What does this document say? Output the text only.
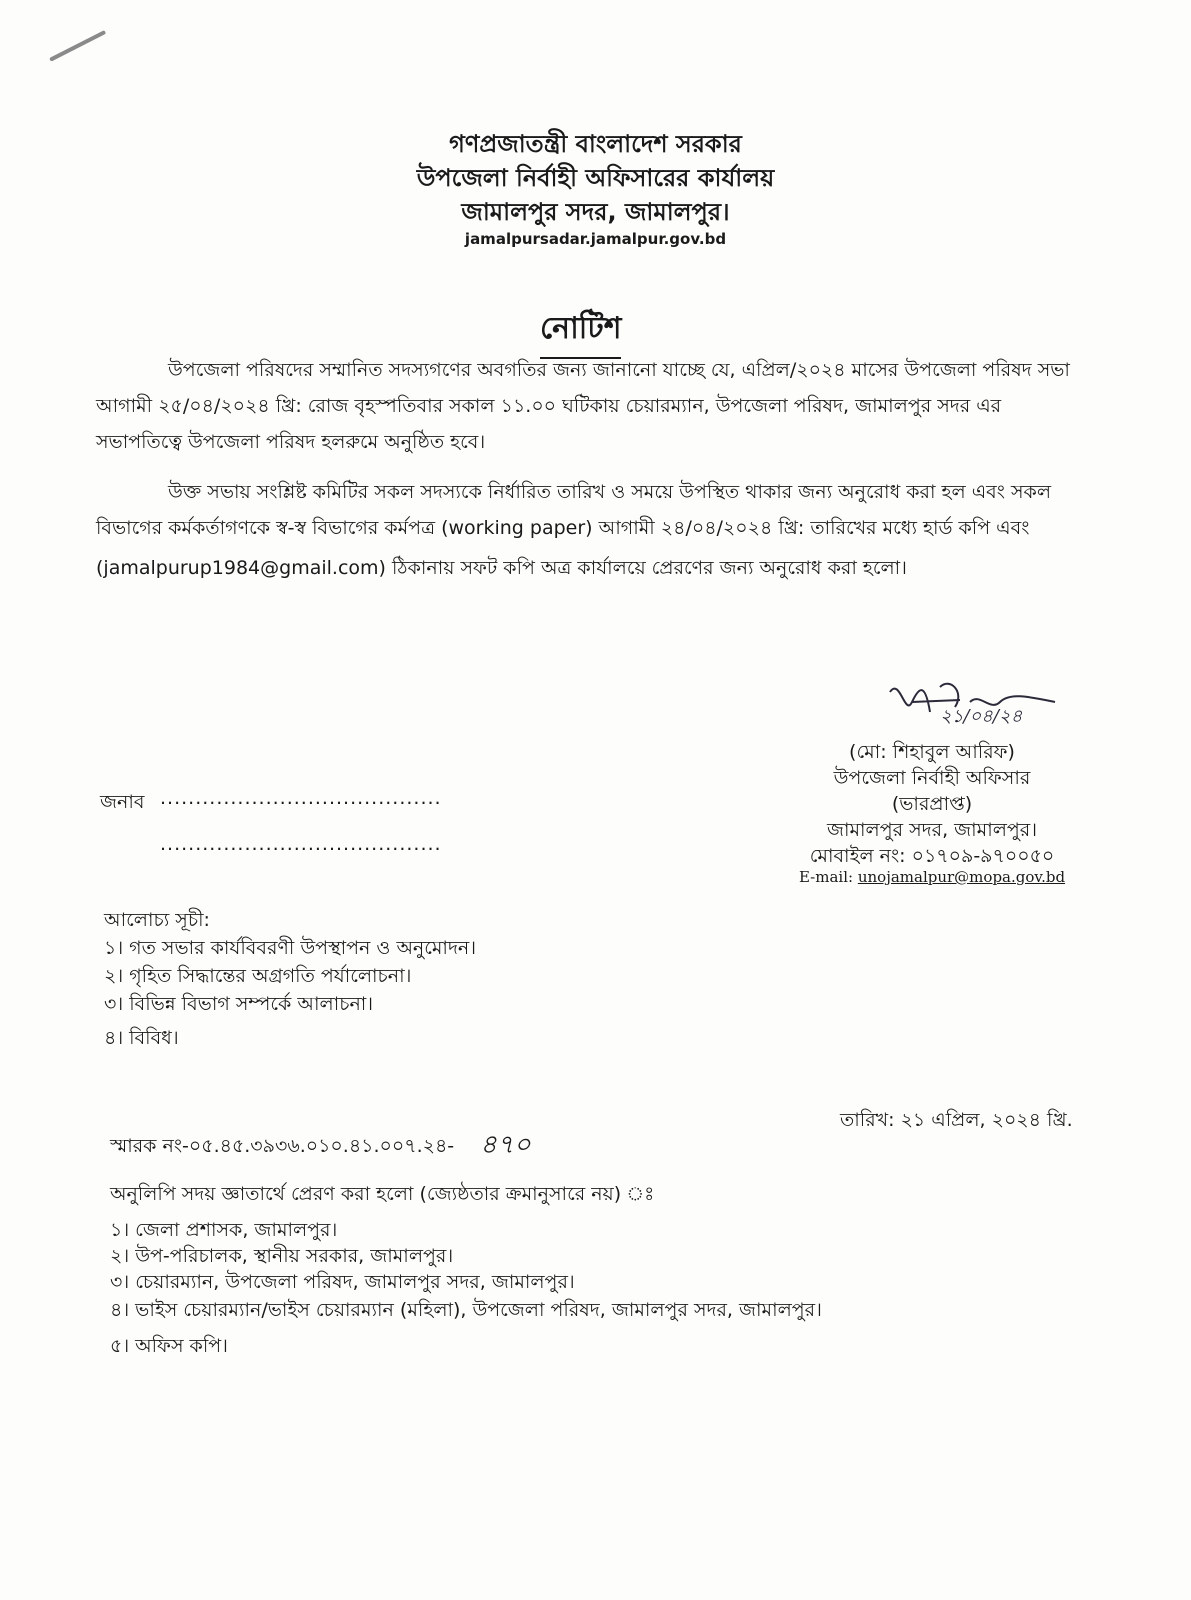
গণপ্রজাতন্ত্রী বাংলাদেশ সরকার
উপজেলা নির্বাহী অফিসারের কার্যালয়
জামালপুর সদর, জামালপুর।
jamalpursadar.jamalpur.gov.bd
নোটিশ
উপজেলা পরিষদের সম্মানিত সদস্যগণের অবগতির জন্য জানানো যাচ্ছে যে, এপ্রিল/২০২৪ মাসের উপজেলা পরিষদ সভা
আগামী ২৫/০৪/২০২৪ খ্রি: রোজ বৃহস্পতিবার সকাল ১১.০০ ঘটিকায় চেয়ারম্যান, উপজেলা পরিষদ, জামালপুর সদর এর
সভাপতিত্বে উপজেলা পরিষদ হলরুমে অনুষ্ঠিত হবে।
উক্ত সভায় সংশ্লিষ্ট কমিটির সকল সদস্যকে নির্ধারিত তারিখ ও সময়ে উপস্থিত থাকার জন্য অনুরোধ করা হল এবং সকল
বিভাগের কর্মকর্তাগণকে স্ব-স্ব বিভাগের কর্মপত্র (working paper) আগামী ২৪/০৪/২০২৪ খ্রি: তারিখের মধ্যে হার্ড কপি এবং
(jamalpurup1984@gmail.com) ঠিকানায় সফট কপি অত্র কার্যালয়ে প্রেরণের জন্য অনুরোধ করা হলো।
২১/০৪/২৪
(মো: শিহাবুল আরিফ)
উপজেলা নির্বাহী অফিসার
(ভারপ্রাপ্ত)
জামালপুর সদর, জামালপুর।
মোবাইল নং: ০১৭০৯-৯৭০০৫০
E-mail: unojamalpur@mopa.gov.bd
জনাব ........................................
........................................
আলোচ্য সূচী:
১। গত সভার কার্যবিবরণী উপস্থাপন ও অনুমোদন।
২। গৃহিত সিদ্ধান্তের অগ্রগতি পর্যালোচনা।
৩। বিভিন্ন বিভাগ সম্পর্কে আলাচনা।
৪। বিবিধ।
তারিখ: ২১ এপ্রিল, ২০২৪ খ্রি.
স্মারক নং-০৫.৪৫.৩৯৩৬.০১০.৪১.০০৭.২৪- ৪৭০
অনুলিপি সদয় জ্ঞাতার্থে প্রেরণ করা হলো (জ্যেষ্ঠতার ক্রমানুসারে নয়) ঃ
১। জেলা প্রশাসক, জামালপুর।
২। উপ-পরিচালক, স্থানীয় সরকার, জামালপুর।
৩। চেয়ারম্যান, উপজেলা পরিষদ, জামালপুর সদর, জামালপুর।
৪। ভাইস চেয়ারম্যান/ভাইস চেয়ারম্যান (মহিলা), উপজেলা পরিষদ, জামালপুর সদর, জামালপুর।
৫। অফিস কপি।
